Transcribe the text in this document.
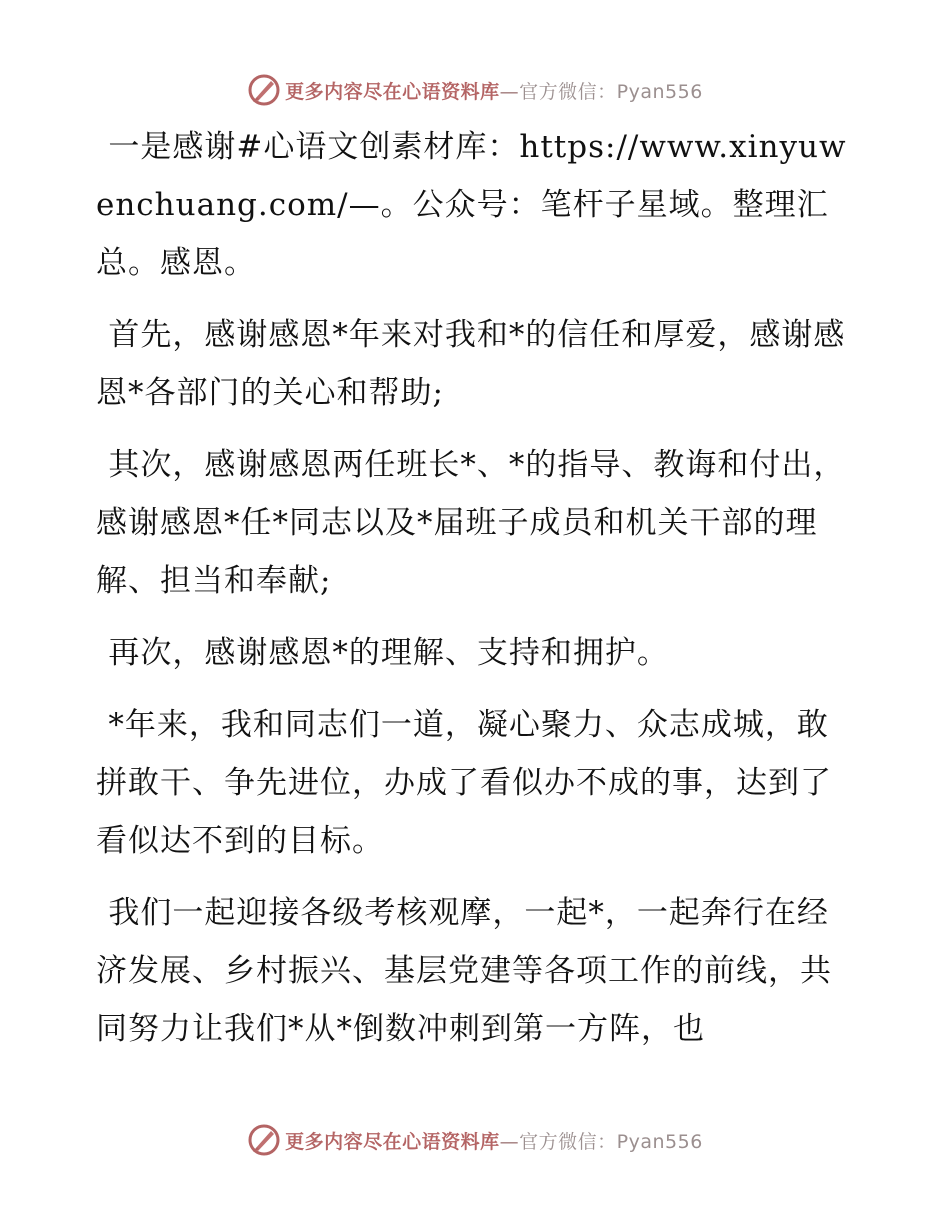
更多内容尽在心语资料库—官方微信：Pyan556

一是感谢#心语文创素材库：https://www.xinyuwenchuang.com/—。公众号：笔杆子星域。整理汇总。感恩。

首先，感谢感恩*年来对我和*的信任和厚爱，感谢感恩*各部门的关心和帮助;

其次，感谢感恩两任班长*、*的指导、教诲和付出，感谢感恩*任*同志以及*届班子成员和机关干部的理解、担当和奉献;

再次，感谢感恩*的理解、支持和拥护。

*年来，我和同志们一道，凝心聚力、众志成城，敢拼敢干、争先进位，办成了看似办不成的事，达到了看似达不到的目标。

我们一起迎接各级考核观摩，一起*，一起奔行在经济发展、乡村振兴、基层党建等各项工作的前线，共同努力让我们*从*倒数冲刺到第一方阵，也

更多内容尽在心语资料库—官方微信：Pyan556
